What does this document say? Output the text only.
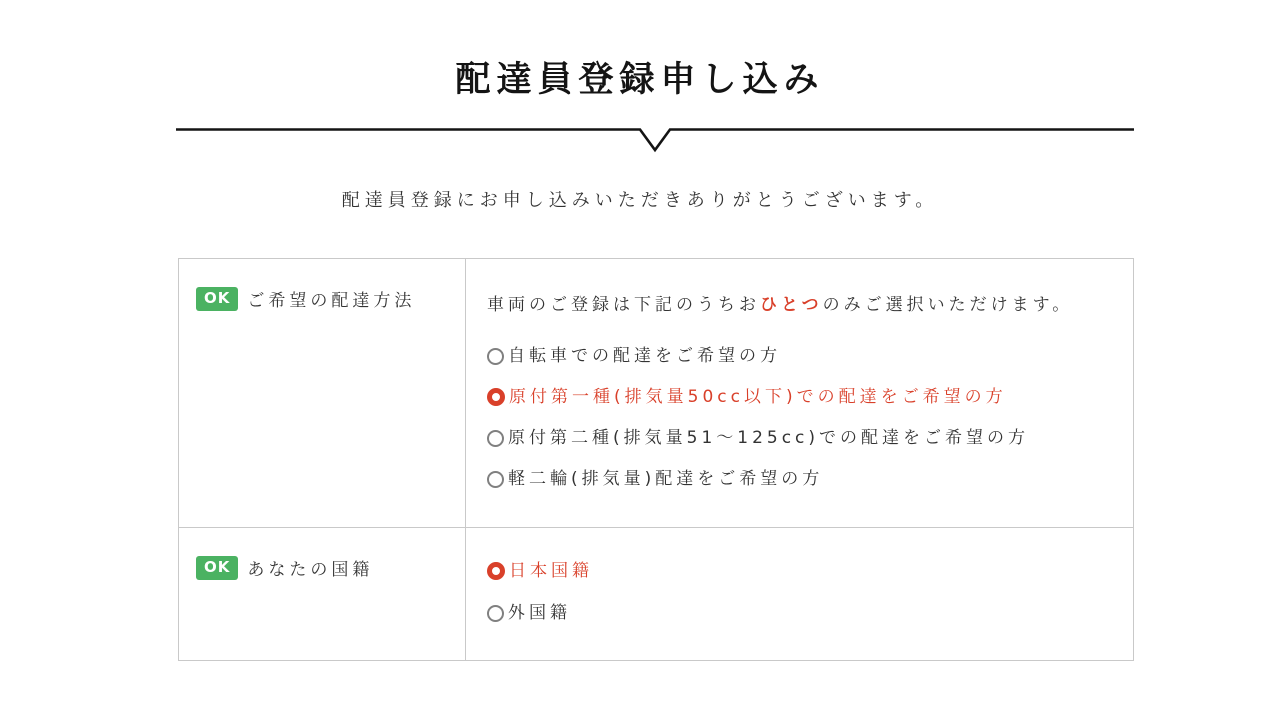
配達員登録申し込み

配達員登録にお申し込みいただきありがとうございます。

OK ご希望の配達方法	車両のご登録は下記のうちおひとつのみご選択いただけます。

自転車での配達をご希望の方
原付第一種(排気量50cc以下)での配達をご希望の方
原付第二種(排気量51〜125cc)での配達をご希望の方
軽二輪(排気量)配達をご希望の方
OK あなたの国籍	日本国籍
外国籍
